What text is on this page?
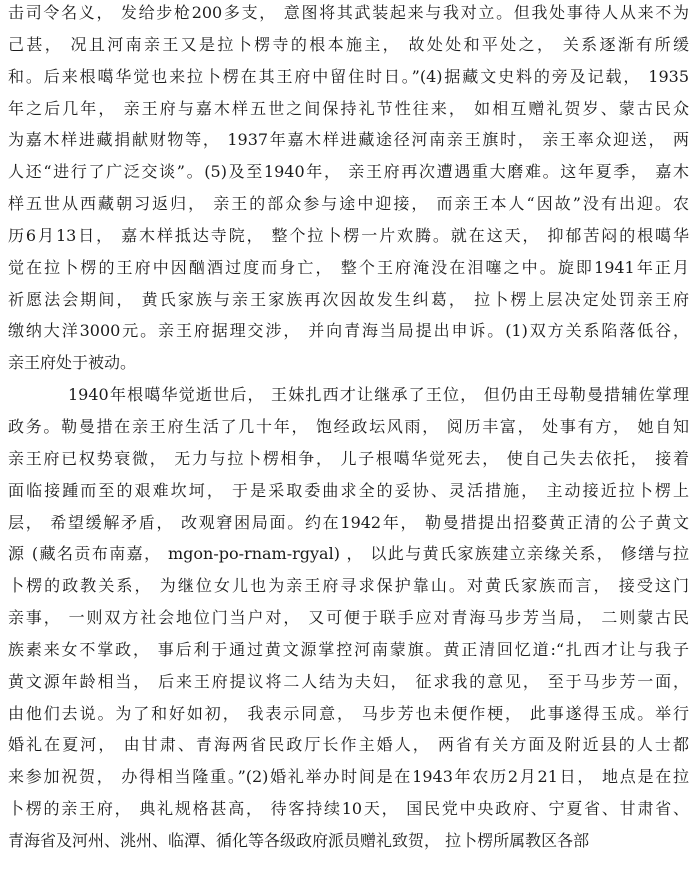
击司令名义， 发给步枪200多支， 意图将其武装起来与我对立。但我处事待人从来不为
己甚， 况且河南亲王又是拉卜楞寺的根本施主， 故处处和平处之， 关系逐渐有所缓
和。后来根噶华觉也来拉卜楞在其王府中留住时日。”(4)据藏文史料的旁及记载， 1935
年之后几年， 亲王府与嘉木样五世之间保持礼节性往来， 如相互赠礼贺岁、蒙古民众
为嘉木样进藏捐献财物等， 1937年嘉木样进藏途径河南亲王旗时， 亲王率众迎送， 两
人还“进行了广泛交谈”。(5)及至1940年， 亲王府再次遭遇重大磨难。这年夏季， 嘉木
样五世从西藏朝习返归， 亲王的部众参与途中迎接， 而亲王本人“因故”没有出迎。农
历6月13日， 嘉木样抵达寺院， 整个拉卜楞一片欢腾。就在这天， 抑郁苦闷的根噶华
觉在拉卜楞的王府中因酗酒过度而身亡， 整个王府淹没在泪噻之中。旋即1941年正月
祈愿法会期间， 黄氏家族与亲王家族再次因故发生纠葛， 拉卜楞上层决定处罚亲王府
缴纳大洋3000元。亲王府据理交涉， 并向青海当局提出申诉。(1)双方关系陷落低谷，
亲王府处于被动。
1940年根噶华觉逝世后， 王妹扎西才让继承了王位， 但仍由王母勒曼措辅佐掌理
政务。勒曼措在亲王府生活了几十年， 饱经政坛风雨， 阅历丰富， 处事有方， 她自知
亲王府已权势衰微， 无力与拉卜楞相争， 儿子根噶华觉死去， 使自己失去依托， 接着
面临接踵而至的艰难坎坷， 于是采取委曲求全的妥协、灵活措施， 主动接近拉卜楞上
层， 希望缓解矛盾， 改观窘困局面。约在1942年， 勒曼措提出招婺黄正清的公子黄文
源 (藏名贡布南嘉， mgon-po-rnam-rgyal) ， 以此与黄氏家族建立亲缘关系， 修缮与拉
卜楞的政教关系， 为继位女儿也为亲王府寻求保护靠山。对黄氏家族而言， 接受这门
亲事， 一则双方社会地位门当户对， 又可便于联手应对青海马步芳当局， 二则蒙古民
族素来女不掌政， 事后利于通过黄文源掌控河南蒙旗。黄正清回忆道:“扎西才让与我子
黄文源年龄相当， 后来王府提议将二人结为夫妇， 征求我的意见， 至于马步芳一面，
由他们去说。为了和好如初， 我表示同意， 马步芳也未便作梗， 此事遂得玉成。举行
婚礼在夏河， 由甘肃、青海两省民政厅长作主婚人， 两省有关方面及附近县的人士都
来参加祝贺， 办得相当隆重。”(2)婚礼举办时间是在1943年农历2月21日， 地点是在拉
卜楞的亲王府， 典礼规格甚高， 待客持续10天， 国民党中央政府、宁夏省、甘肃省、
青海省及河州、洮州、临潭、循化等各级政府派员赠礼致贺， 拉卜楞所属教区各部
